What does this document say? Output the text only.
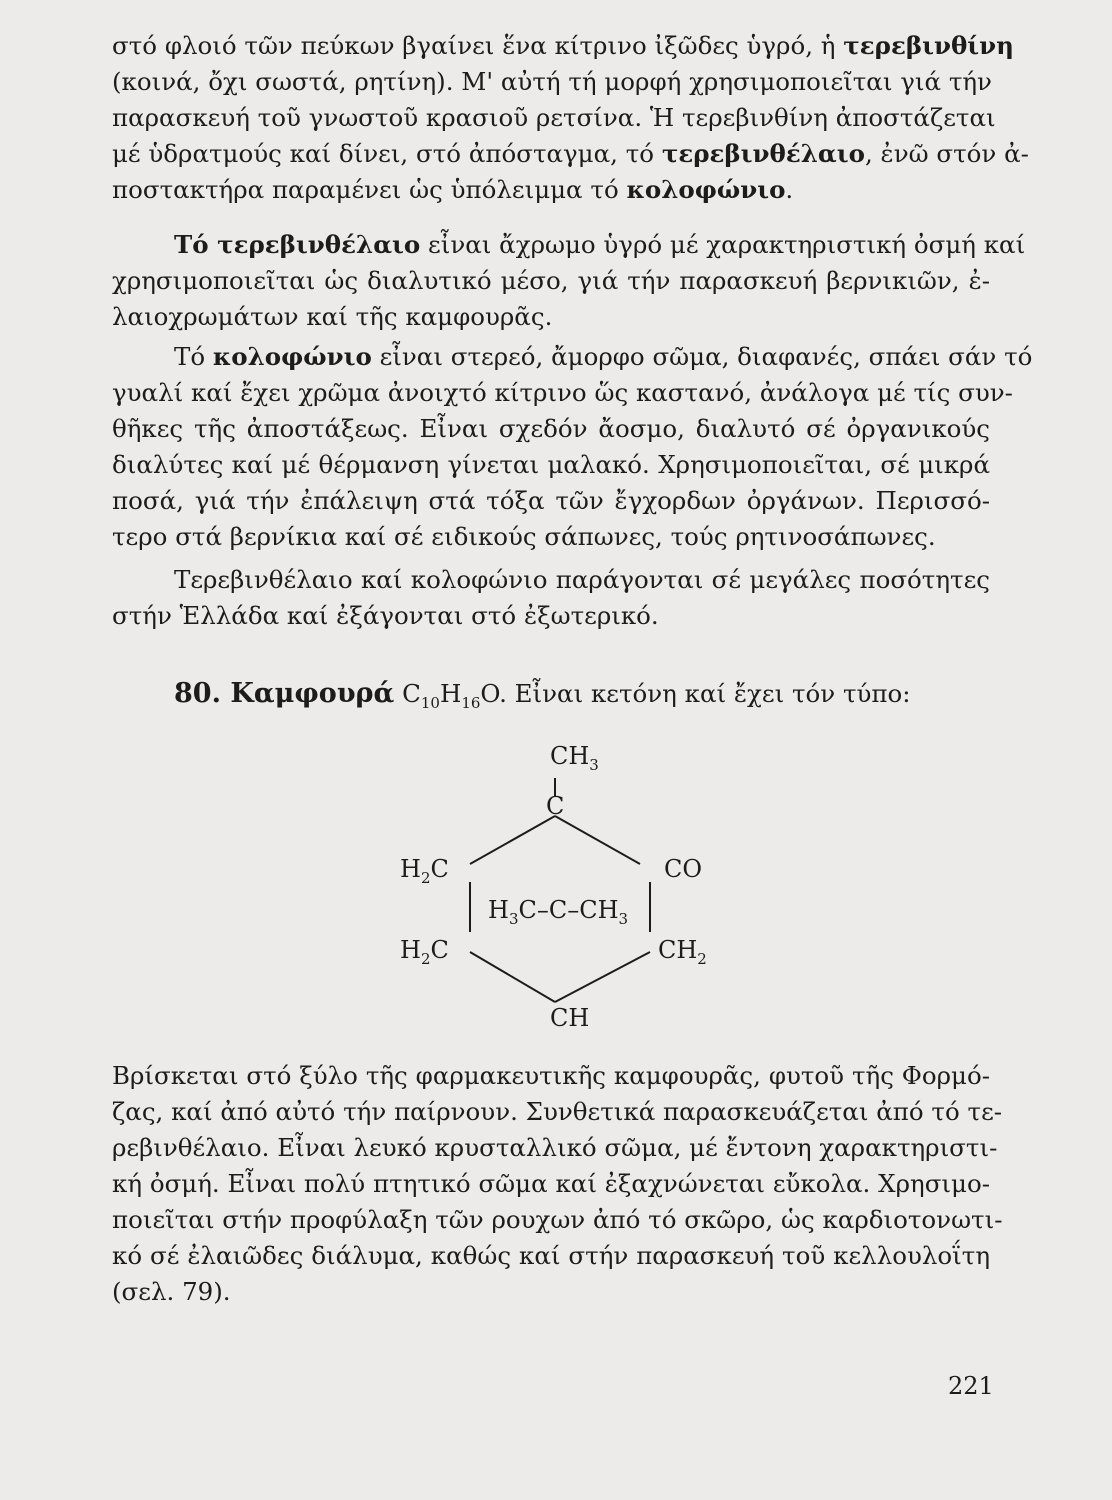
στό φλοιό τῶν πεύκων βγαίνει ἕνα κίτρινο ἰξῶδες ὑγρό, ἡ τερεβινθίνη
(κοινά, ὄχι σωστά, ρητίνη). Μ' αὐτή τή μορφή χρησιμοποιεῖται γιά τήν
παρασκευή τοῦ γνωστοῦ κρασιοῦ ρετσίνα. Ἡ τερεβινθίνη ἀποστάζεται
μέ ὑδρατμούς καί δίνει, στό ἀπόσταγμα, τό τερεβινθέλαιο, ἐνῶ στόν ἀ-
ποστακτήρα παραμένει ὡς ὑπόλειμμα τό κολοφώνιο.

Τό τερεβινθέλαιο εἶναι ἄχρωμο ὑγρό μέ χαρακτηριστική ὀσμή καί
χρησιμοποιεῖται ὡς διαλυτικό μέσο, γιά τήν παρασκευή βερνικιῶν, ἐ-
λαιοχρωμάτων καί τῆς καμφουρᾶς.

Τό κολοφώνιο εἶναι στερεό, ἄμορφο σῶμα, διαφανές, σπάει σάν τό
γυαλί καί ἔχει χρῶμα ἀνοιχτό κίτρινο ὥς καστανό, ἀνάλογα μέ τίς συν-
θῆκες τῆς ἀποστάξεως. Εἶναι σχεδόν ἄοσμο, διαλυτό σέ ὀργανικούς
διαλύτες καί μέ θέρμανση γίνεται μαλακό. Χρησιμοποιεῖται, σέ μικρά
ποσά, γιά τήν ἐπάλειψη στά τόξα τῶν ἔγχορδων ὀργάνων. Περισσό-
τερο στά βερνίκια καί σέ ειδικούς σάπωνες, τούς ρητινοσάπωνες.

Τερεβινθέλαιο καί κολοφώνιο παράγονται σέ μεγάλες ποσότητες
στήν Ἑλλάδα καί ἐξάγονται στό ἐξωτερικό.

80. Καμφουρά $C_{10}H_{16}O$. Εἶναι κετόνη καί ἔχει τόν τύπο:
$CH_3$
C
$H_2C$	CO
$H_3C-C-CH_3$
$H_2C$	$CH_2$
CH

Βρίσκεται στό ξύλο τῆς φαρμακευτικῆς καμφουρᾶς, φυτοῦ τῆς Φορμό-
ζας, καί ἀπό αὐτό τήν παίρνουν. Συνθετικά παρασκευάζεται ἀπό τό τε-
ρεβινθέλαιο. Εἶναι λευκό κρυσταλλικό σῶμα, μέ ἔντονη χαρακτηριστι-
κή ὀσμή. Εἶναι πολύ πτητικό σῶμα καί ἐξαχνώνεται εὔκολα. Χρησιμο-
ποιεῖται στήν προφύλαξη τῶν ρουχων ἀπό τό σκῶρο, ὡς καρδιοτονωτι-
κό σέ ἐλαιῶδες διάλυμα, καθώς καί στήν παρασκευή τοῦ κελλουλοΐτη
(σελ. 79).

221
